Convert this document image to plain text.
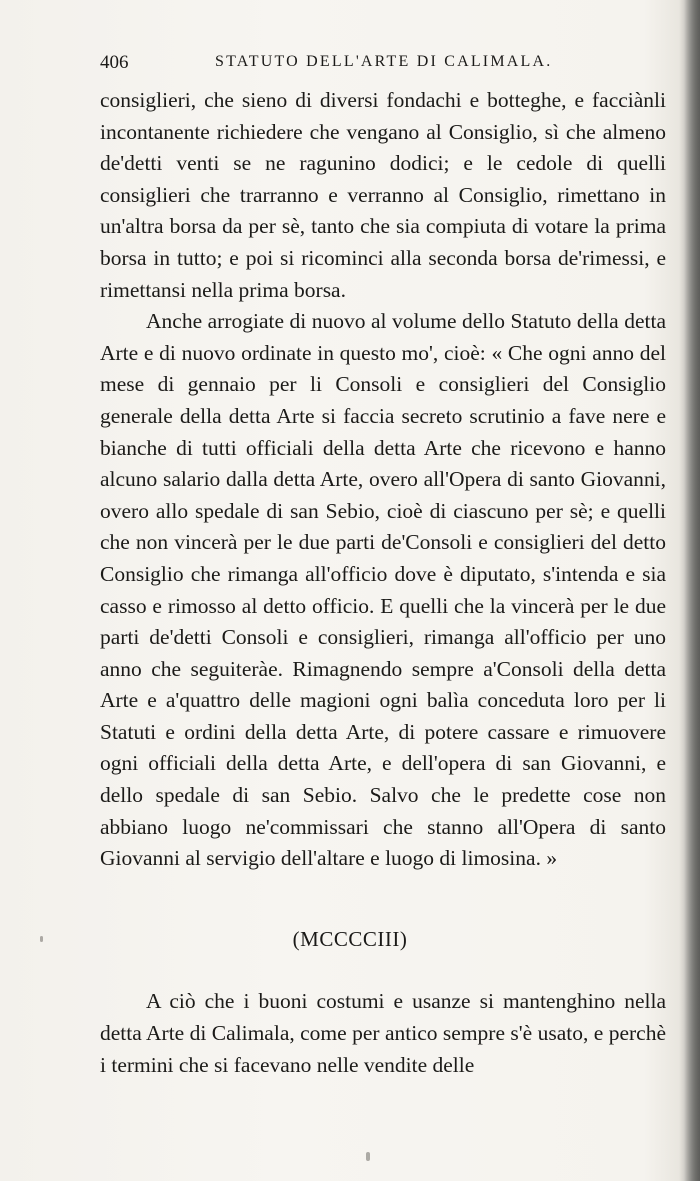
406	STATUTO DELL'ARTE DI CALIMALA.

consiglieri, che sieno di diversi fondachi e botteghe, e facciànli incontanente richiedere che vengano al Consiglio, sì che almeno de'detti venti se ne ragunino dodici; e le cedole di quelli consiglieri che trarranno e verranno al Consiglio, rimettano in un'altra borsa da per sè, tanto che sia compiuta di votare la prima borsa in tutto; e poi si ricominci alla seconda borsa de'rimessi, e rimettansi nella prima borsa.

Anche arrogiate di nuovo al volume dello Statuto della detta Arte e di nuovo ordinate in questo mo', cioè: « Che ogni anno del mese di gennaio per li Consoli e consiglieri del Consiglio generale della detta Arte si faccia secreto scrutinio a fave nere e bianche di tutti officiali della detta Arte che ricevono e hanno alcuno salario dalla detta Arte, overo all'Opera di santo Giovanni, overo allo spedale di san Sebio, cioè di ciascuno per sè; e quelli che non vincerà per le due parti de'Consoli e consiglieri del detto Consiglio che rimanga all'officio dove è diputato, s'intenda e sia casso e rimosso al detto officio. E quelli che la vincerà per le due parti de'detti Consoli e consiglieri, rimanga all'officio per uno anno che seguiteràe. Rimagnendo sempre a'Consoli della detta Arte e a'quattro delle magioni ogni balìa conceduta loro per li Statuti e ordini della detta Arte, di potere cassare e rimuovere ogni officiali della detta Arte, e dell'opera di san Giovanni, e dello spedale di san Sebio. Salvo che le predette cose non abbiano luogo ne'commissari che stanno all'Opera di santo Giovanni al servigio dell'altare e luogo di limosina. »

(MCCCCIII)

A ciò che i buoni costumi e usanze si mantenghino nella detta Arte di Calimala, come per antico sempre s'è usato, e perchè i termini che si facevano nelle vendite delle
